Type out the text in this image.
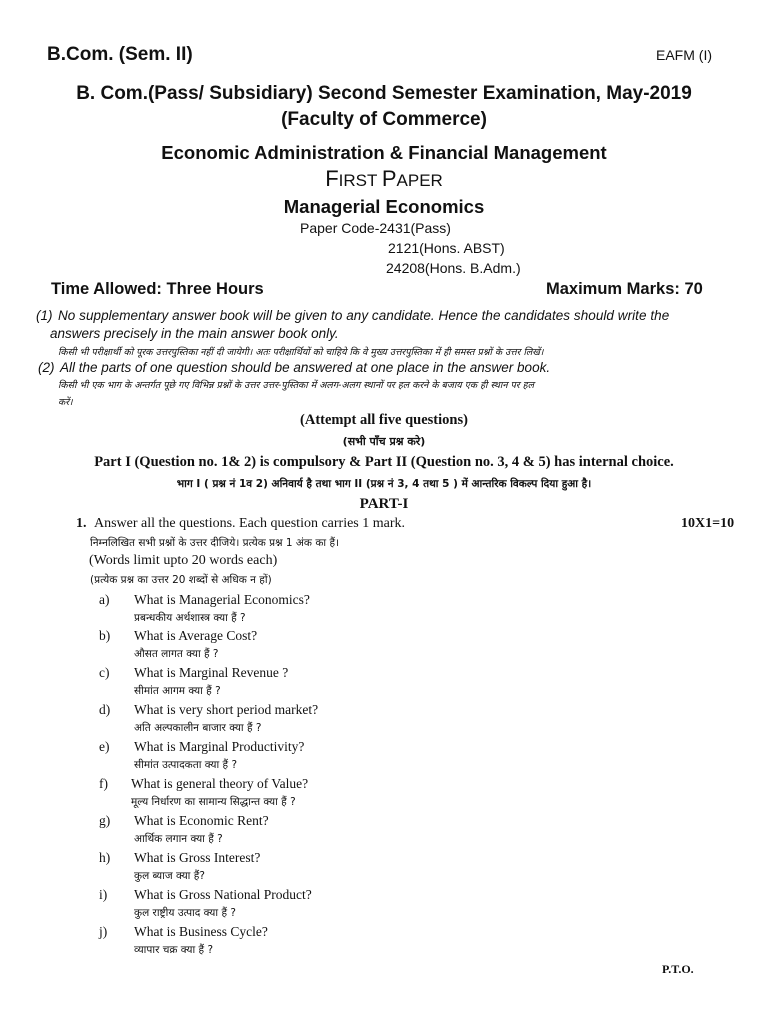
B.Com. (Sem. II)	EAFM (I)
B. Com.(Pass/ Subsidiary) Second Semester Examination, May-2019
(Faculty of Commerce)
Economic Administration & Financial Management
FIRST PAPER
Managerial Economics
Paper Code-2431(Pass)
2121(Hons. ABST)
24208(Hons. B.Adm.)
Time Allowed: Three Hours	Maximum Marks: 70
(1) No supplementary answer book will be given to any candidate. Hence the candidates should write the
answers precisely in the main answer book only.
किसी भी परीक्षार्थी को पूरक उत्तरपुस्तिका नहीं दी जायेगी। अतः परीक्षार्थियों को चाहिये कि वे मुख्य उत्तरपुस्तिका में ही समस्त प्रश्नों के उत्तर लिखें।
(2) All the parts of one question should be answered at one place in the answer book.
किसी भी एक भाग के अन्तर्गत पूछे गए विभिन्न प्रश्नों के उत्तर उत्तर-पुस्तिका में अलग-अलग स्थानों पर हल करने के बजाय एक ही स्थान पर हल
करें।
(Attempt all five questions)
(सभी पाँच प्रश्न करे)
Part I (Question no. 1& 2) is compulsory & Part II (Question no. 3, 4 & 5) has internal choice.
भाग I ( प्रश्न नं 1व 2) अनिवार्य है तथा भाग II (प्रश्न नं 3, 4 तथा 5 ) में आन्तरिक विकल्प दिया हुआ है।
PART-I
1. Answer all the questions. Each question carries 1 mark.	10X1=10
निम्नलिखित सभी प्रश्नों के उत्तर दीजिये। प्रत्येक प्रश्न 1 अंक का हैं।
(Words limit upto 20 words each)
(प्रत्येक प्रश्न का उत्तर 20 शब्दों से अधिक न हों)
a) What is Managerial Economics?
प्रबन्धकीय अर्थशास्त्र क्या हैं ?
b) What is Average Cost?
औसत लागत क्या हैं ?
c) What is Marginal Revenue ?
सीमांत आगम क्या हैं ?
d) What is very short period market?
अति अल्पकालीन बाजार क्या हैं ?
e) What is Marginal Productivity?
सीमांत उत्पादकता क्या हैं ?
f) What is general theory of Value?
मूल्य निर्धारण का सामान्य सिद्धान्त क्या हैं ?
g) What is Economic Rent?
आर्थिक लगान क्या हैं ?
h) What is Gross Interest?
कुल ब्याज क्या हैं?
i) What is Gross National Product?
कुल राष्ट्रीय उत्पाद क्या हैं ?
j) What is Business Cycle?
व्यापार चक्र क्या हैं ?
P.T.O.
